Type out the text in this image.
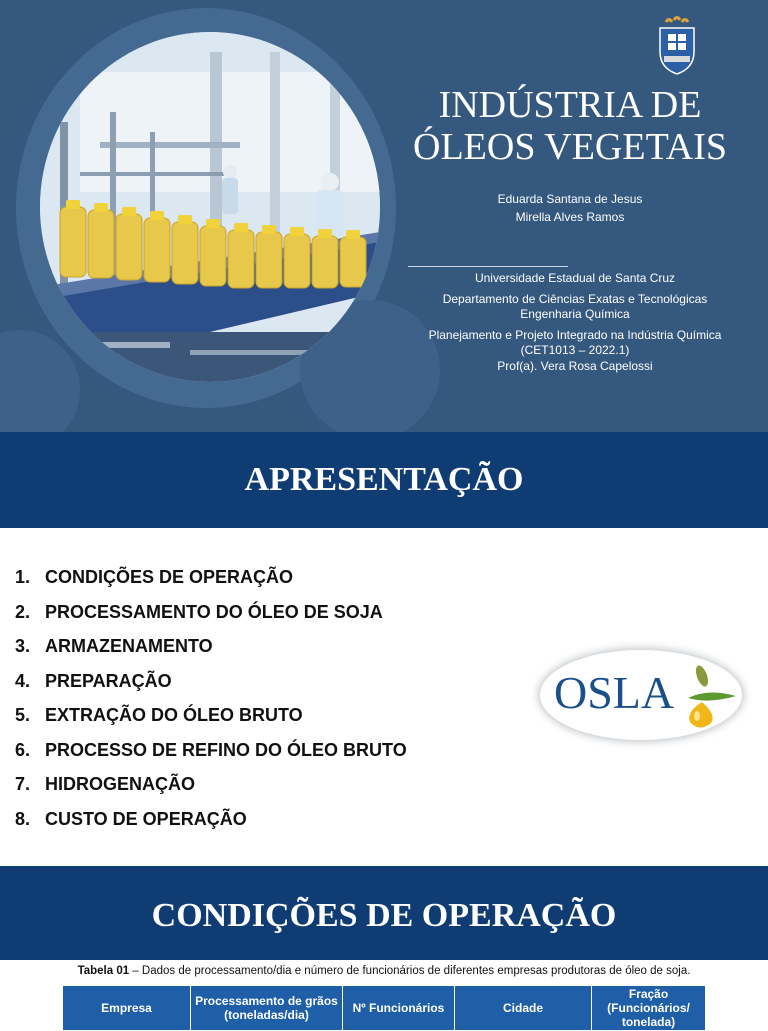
INDÚSTRIA DE
ÓLEOS VEGETAIS
Eduarda Santana de Jesus
Mirella Alves Ramos
Universidade Estadual de Santa Cruz
Departamento de Ciências Exatas e Tecnológicas
Engenharia Química
Planejamento e Projeto Integrado na Indústria Química
(CET1013 – 2022.1)
Prof(a). Vera Rosa Capelossi
APRESENTAÇÃO
1. CONDIÇÕES DE OPERAÇÃO
2. PROCESSAMENTO DO ÓLEO DE SOJA
3. ARMAZENAMENTO
4. PREPARAÇÃO
5. EXTRAÇÃO DO ÓLEO BRUTO
6. PROCESSO DE REFINO DO ÓLEO BRUTO
7. HIDROGENAÇÃO
8. CUSTO DE OPERAÇÃO
OSLA
CONDIÇÕES DE OPERAÇÃO
Tabela 01 – Dados de processamento/dia e número de funcionários de diferentes empresas produtoras de óleo de soja.
Empresa	Processamento de grãos (toneladas/dia)	Nº Funcionários	Cidade	Fração (Funcionários/ tonelada)
